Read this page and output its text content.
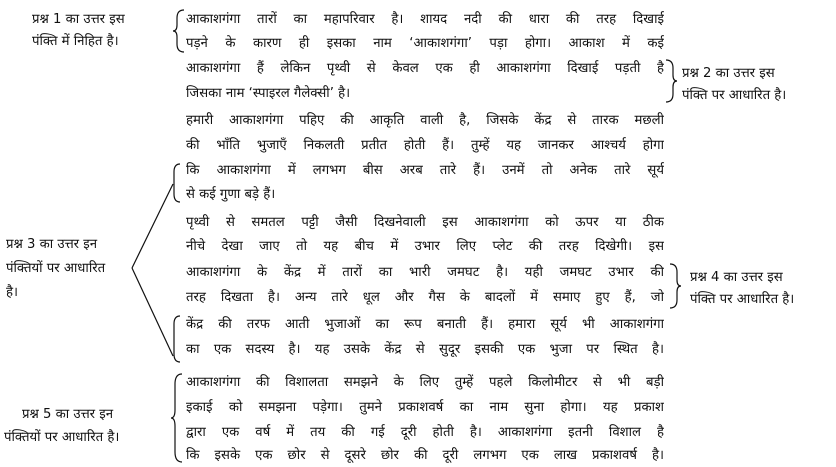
प्रश्न 1 का उत्तर इस
पंक्ति में निहित है।
प्रश्न 3 का उत्तर इन
पंक्तियों पर आधारित
है।
प्रश्न 5 का उत्तर इन
पंक्तियों पर आधारित है।
प्रश्न 2 का उत्तर इस
पंक्ति पर आधारित है।
प्रश्न 4 का उत्तर इस
पंक्ति पर आधारित है।
आकाशगंगा तारों का महापरिवार है। शायद नदी की धारा की तरह दिखाई
पड़ने के कारण ही इसका नाम ‘आकाशगंगा’ पड़ा होगा। आकाश में कई
आकाशगंगा हैं लेकिन पृथ्वी से केवल एक ही आकाशगंगा दिखाई पड़ती है
जिसका नाम ‘स्पाइरल गैलेक्सी’ है।
हमारी आकाशगंगा पहिए की आकृति वाली है, जिसके केंद्र से तारक मछली
की भाँति भुजाएँ निकलती प्रतीत होती हैं। तुम्हें यह जानकर आश्चर्य होगा
कि आकाशगंगा में लगभग बीस अरब तारे हैं। उनमें तो अनेक तारे सूर्य
से कई गुणा बड़े हैं।
पृथ्वी से समतल पट्टी जैसी दिखनेवाली इस आकाशगंगा को ऊपर या ठीक
नीचे देखा जाए तो यह बीच में उभार लिए प्लेट की तरह दिखेगी। इस
आकाशगंगा के केंद्र में तारों का भारी जमघट है। यही जमघट उभार की
तरह दिखता है। अन्य तारे धूल और गैस के बादलों में समाए हुए हैं, जो
केंद्र की तरफ आती भुजाओं का रूप बनाती हैं। हमारा सूर्य भी आकाशगंगा
का एक सदस्य है। यह उसके केंद्र से सुदूर इसकी एक भुजा पर स्थित है।
आकाशगंगा की विशालता समझने के लिए तुम्हें पहले किलोमीटर से भी बड़ी
इकाई को समझना पड़ेगा। तुमने प्रकाशवर्ष का नाम सुना होगा। यह प्रकाश
द्वारा एक वर्ष में तय की गई दूरी होती है। आकाशगंगा इतनी विशाल है
कि इसके एक छोर से दूसरे छोर की दूरी लगभग एक लाख प्रकाशवर्ष है।
